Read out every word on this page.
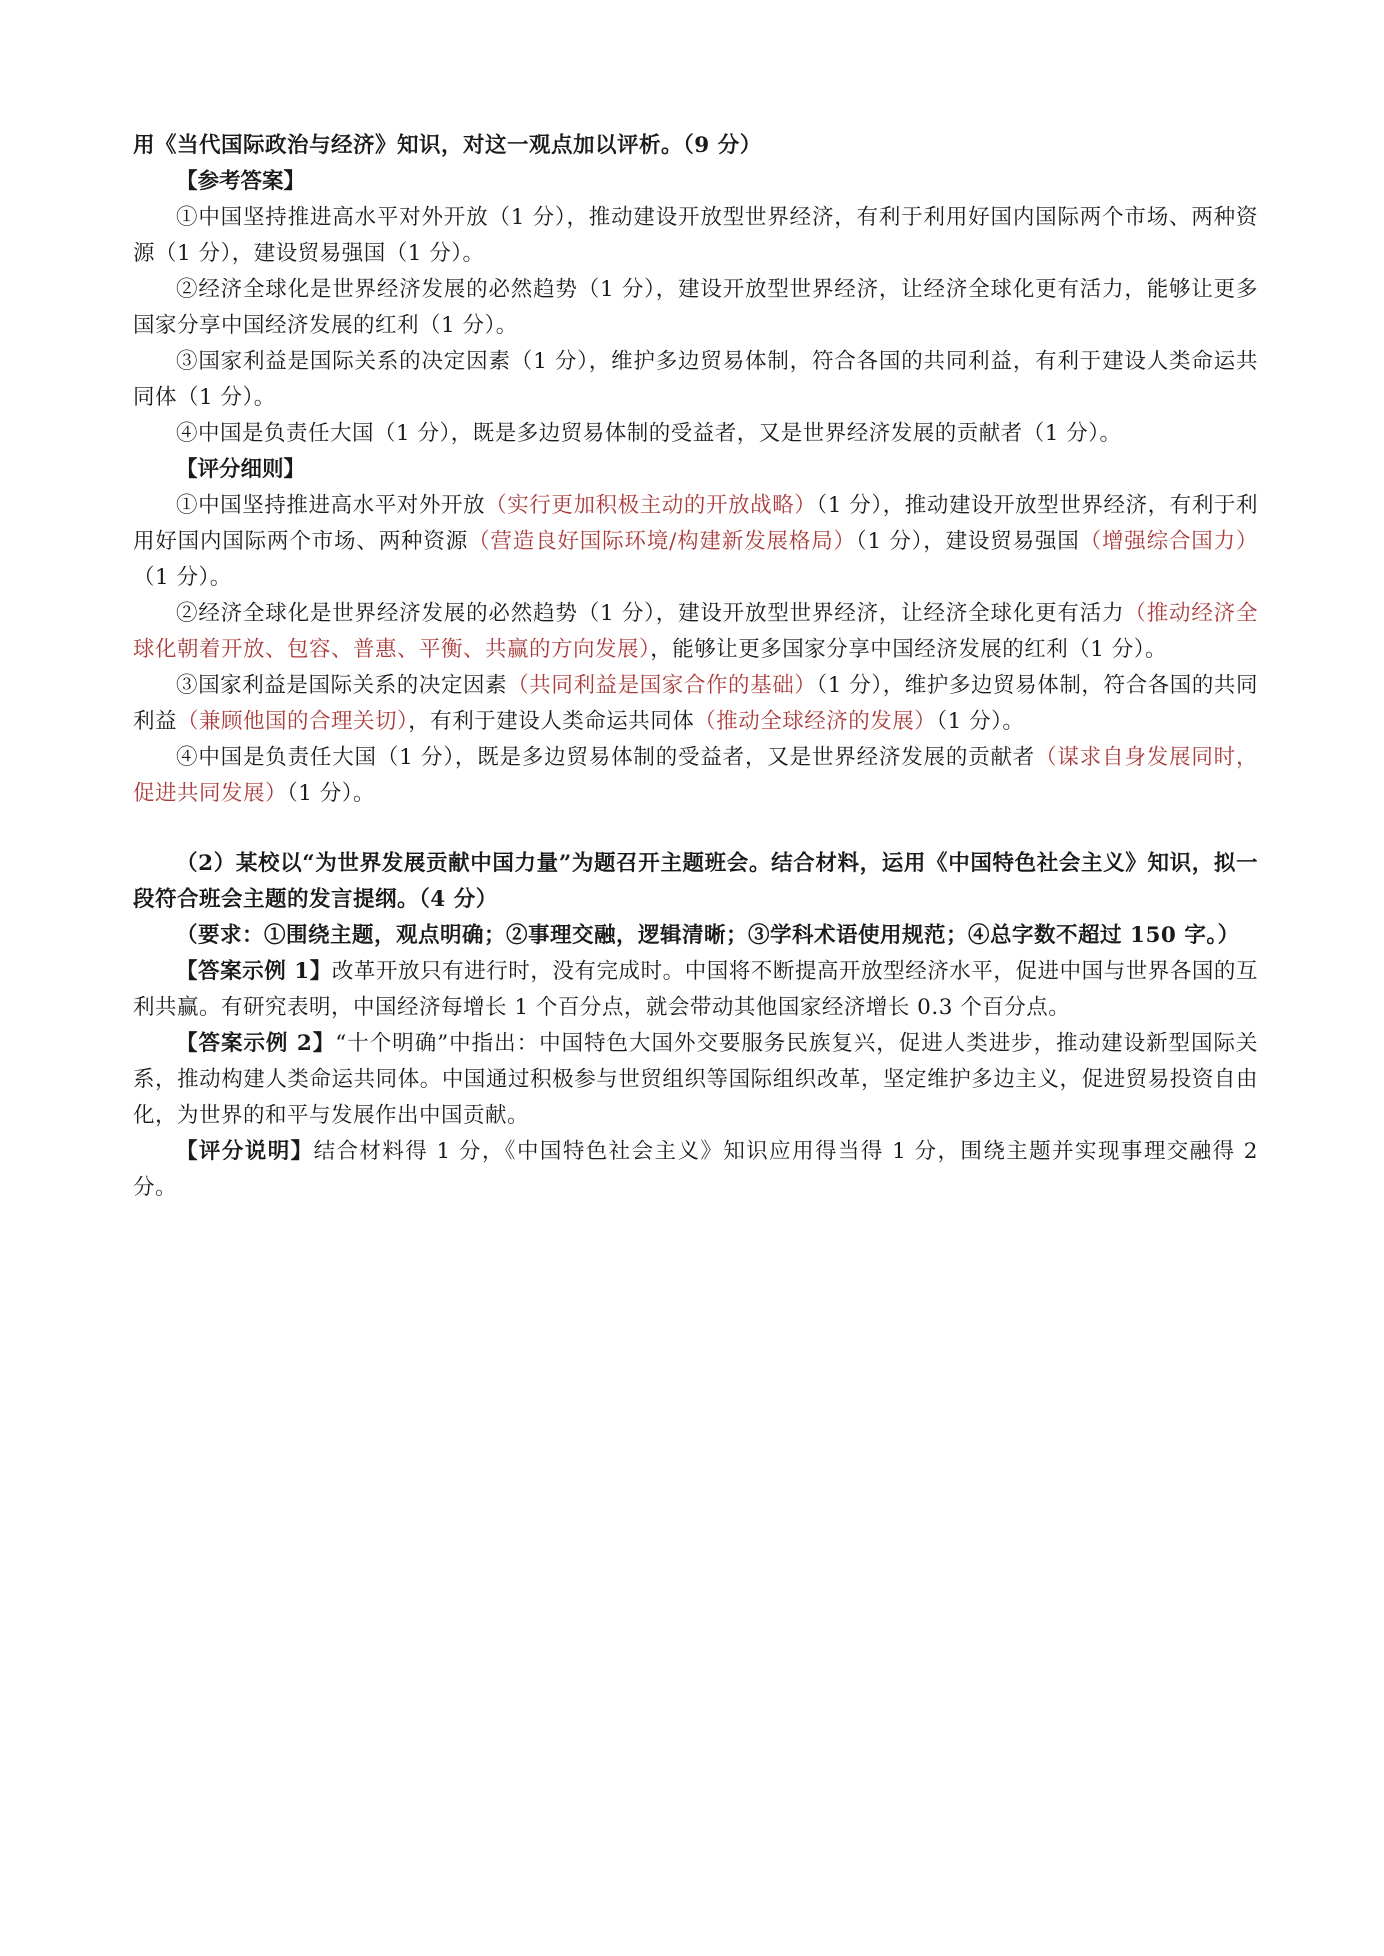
用《当代国际政治与经济》知识，对这一观点加以评析。（9 分）

【参考答案】

①中国坚持推进高水平对外开放（1 分），推动建设开放型世界经济，有利于利用好国内国际两个市场、两种资源（1 分），建设贸易强国（1 分）。

②经济全球化是世界经济发展的必然趋势（1 分），建设开放型世界经济，让经济全球化更有活力，能够让更多国家分享中国经济发展的红利（1 分）。

③国家利益是国际关系的决定因素（1 分），维护多边贸易体制，符合各国的共同利益，有利于建设人类命运共同体（1 分）。

④中国是负责任大国（1 分），既是多边贸易体制的受益者，又是世界经济发展的贡献者（1 分）。

【评分细则】

①中国坚持推进高水平对外开放（实行更加积极主动的开放战略）（1 分），推动建设开放型世界经济，有利于利用好国内国际两个市场、两种资源（营造良好国际环境/构建新发展格局）（1 分），建设贸易强国（增强综合国力）（1 分）。

②经济全球化是世界经济发展的必然趋势（1 分），建设开放型世界经济，让经济全球化更有活力（推动经济全球化朝着开放、包容、普惠、平衡、共赢的方向发展），能够让更多国家分享中国经济发展的红利（1 分）。

③国家利益是国际关系的决定因素（共同利益是国家合作的基础）（1 分），维护多边贸易体制，符合各国的共同利益（兼顾他国的合理关切），有利于建设人类命运共同体（推动全球经济的发展）（1 分）。

④中国是负责任大国（1 分），既是多边贸易体制的受益者，又是世界经济发展的贡献者（谋求自身发展同时，促进共同发展）（1 分）。

（2）某校以“为世界发展贡献中国力量”为题召开主题班会。结合材料，运用《中国特色社会主义》知识，拟一段符合班会主题的发言提纲。（4 分）

（要求：①围绕主题，观点明确；②事理交融，逻辑清晰；③学科术语使用规范；④总字数不超过 150 字。）

【答案示例 1】改革开放只有进行时，没有完成时。中国将不断提高开放型经济水平，促进中国与世界各国的互利共赢。有研究表明，中国经济每增长 1 个百分点，就会带动其他国家经济增长 0.3 个百分点。

【答案示例 2】“十个明确”中指出：中国特色大国外交要服务民族复兴，促进人类进步，推动建设新型国际关系，推动构建人类命运共同体。中国通过积极参与世贸组织等国际组织改革，坚定维护多边主义，促进贸易投资自由化，为世界的和平与发展作出中国贡献。

【评分说明】结合材料得 1 分，《中国特色社会主义》知识应用得当得 1 分，围绕主题并实现事理交融得 2 分。
